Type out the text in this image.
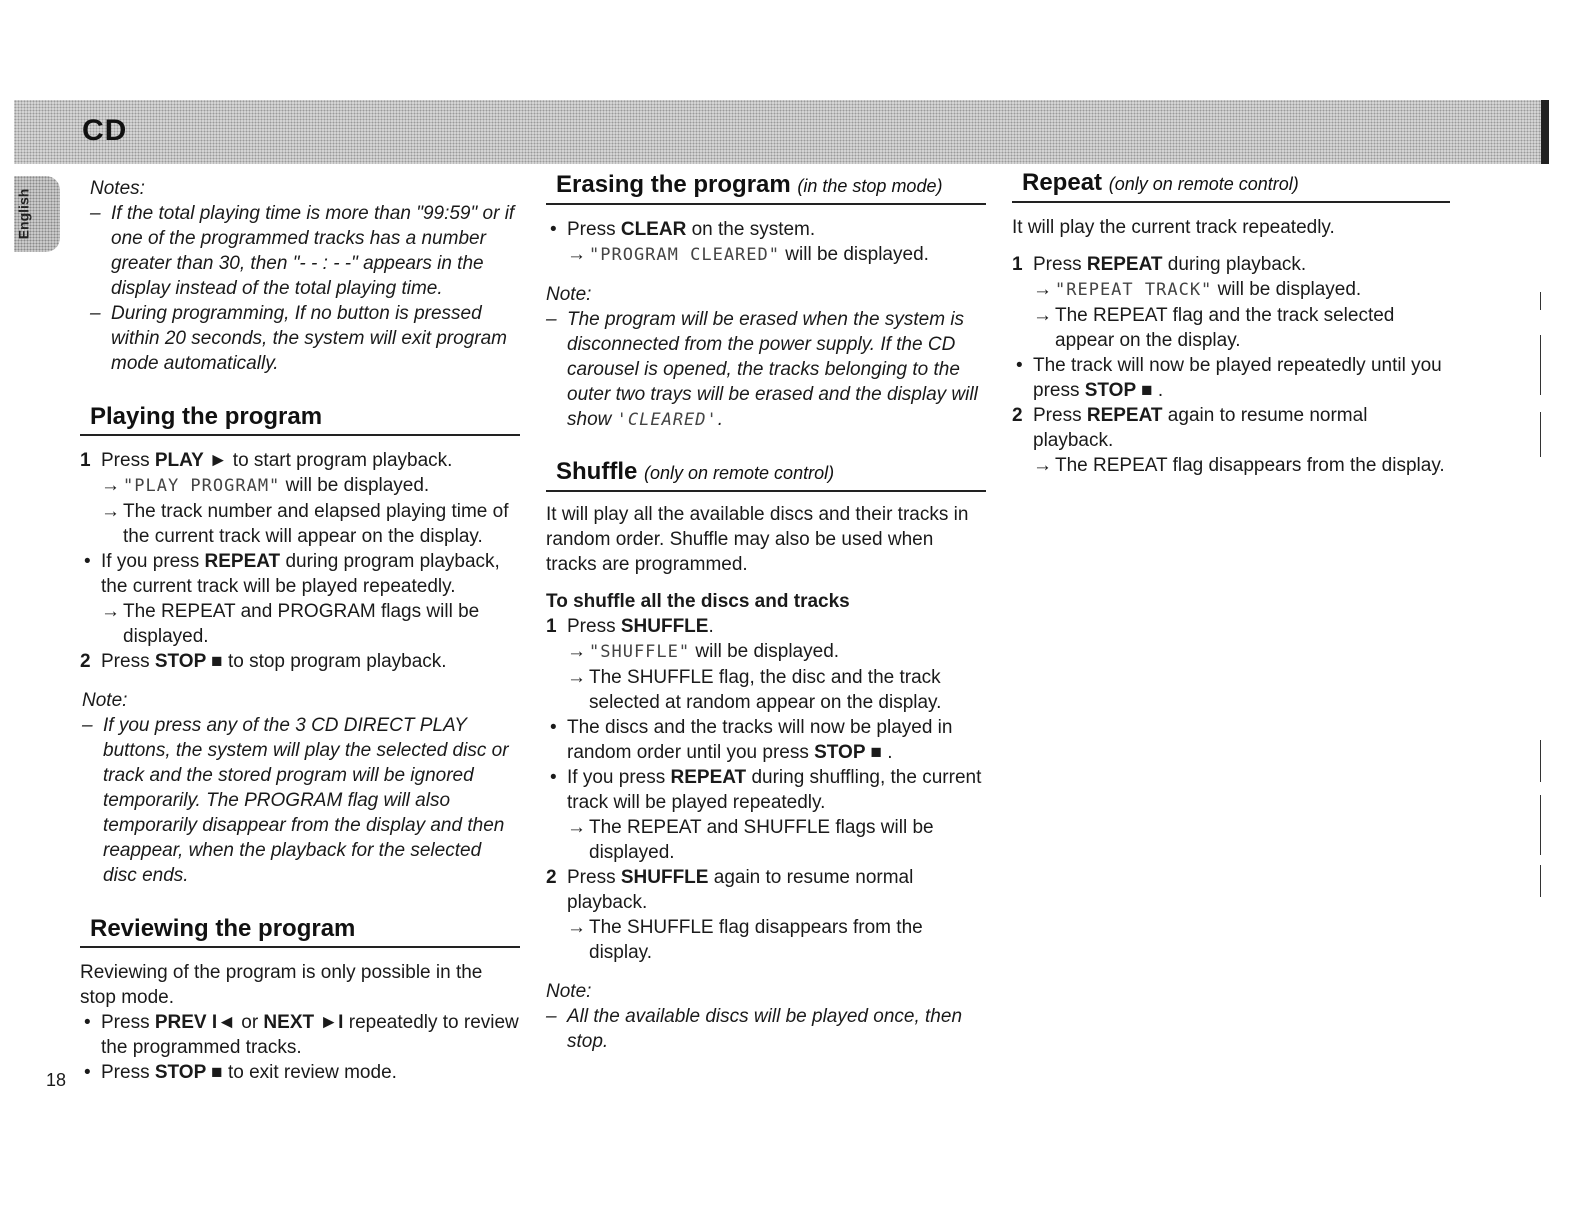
CD
English

Notes:

– If the total playing time is more than "99:59" or if one of the programmed tracks has a number greater than 30, then "- - : - -" appears in the display instead of the total playing time.

– During programming, If no button is pressed within 20 seconds, the system will exit program mode automatically.

Playing the program

1 Press PLAY ► to start program playback.

→ "PLAY PROGRAM" will be displayed.

→ The track number and elapsed playing time of the current track will appear on the display.

• If you press REPEAT during program playback, the current track will be played repeatedly.

→ The REPEAT and PROGRAM flags will be displayed.

2 Press STOP ■ to stop program playback.

Note:

– If you press any of the 3 CD DIRECT PLAY buttons, the system will play the selected disc or track and the stored program will be ignored temporarily. The PROGRAM flag will also temporarily disappear from the display and then reappear, when the playback for the selected disc ends.

Reviewing the program

Reviewing of the program is only possible in the stop mode.

• Press PREV I◄ or NEXT ►I repeatedly to review the programmed tracks.

• Press STOP ■ to exit review mode.

Erasing the program (in the stop mode)

• Press CLEAR on the system.

→ "PROGRAM CLEARED" will be displayed.

Note:

– The program will be erased when the system is disconnected from the power supply. If the CD carousel is opened, the tracks belonging to the outer two trays will be erased and the display will show 'CLEARED'.

Shuffle (only on remote control)

It will play all the available discs and their tracks in random order. Shuffle may also be used when tracks are programmed.

To shuffle all the discs and tracks

1 Press SHUFFLE.

→ "SHUFFLE" will be displayed.

→ The SHUFFLE flag, the disc and the track selected at random appear on the display.

• The discs and the tracks will now be played in random order until you press STOP ■ .

• If you press REPEAT during shuffling, the current track will be played repeatedly.

→ The REPEAT and SHUFFLE flags will be displayed.

2 Press SHUFFLE again to resume normal playback.

→ The SHUFFLE flag disappears from the display.

Note:

– All the available discs will be played once, then stop.

Repeat (only on remote control)

It will play the current track repeatedly.

1 Press REPEAT during playback.

→ "REPEAT TRACK" will be displayed.

→ The REPEAT flag and the track selected appear on the display.

• The track will now be played repeatedly until you press STOP ■ .

2 Press REPEAT again to resume normal playback.

→ The REPEAT flag disappears from the display.

18
